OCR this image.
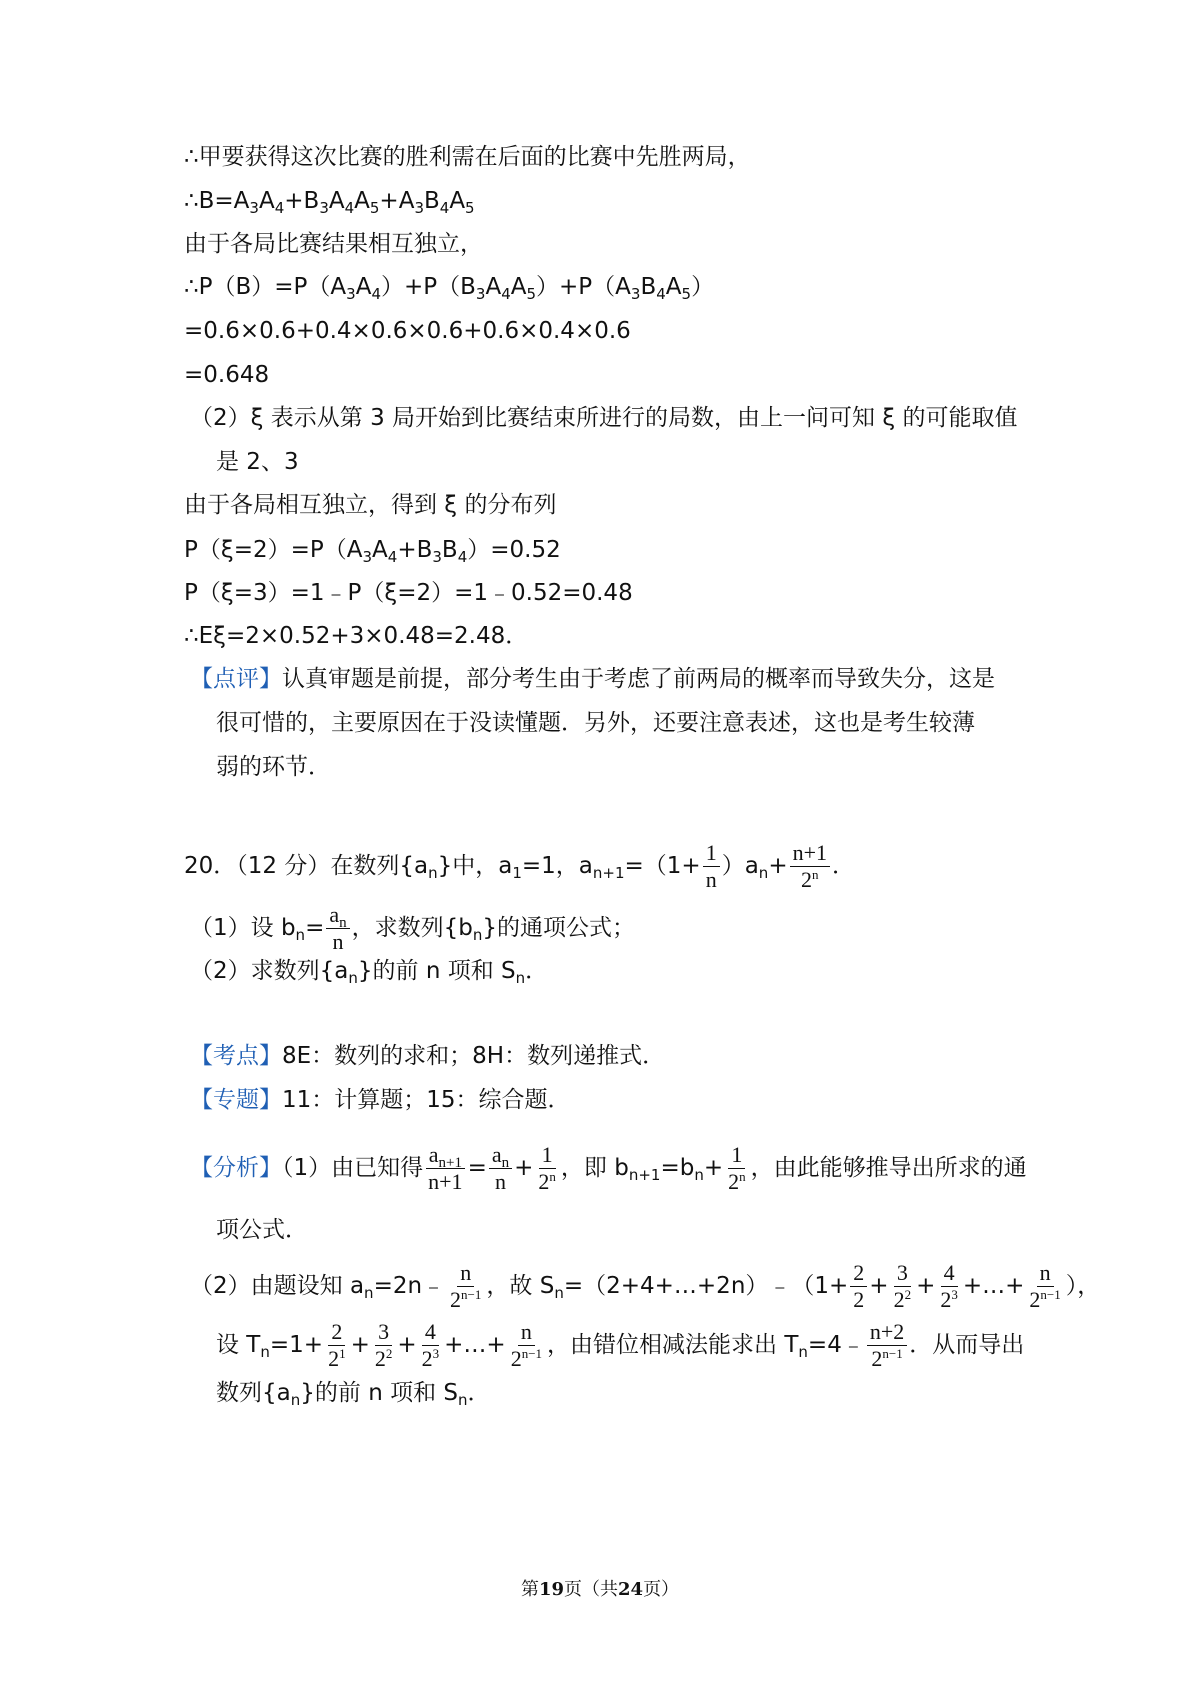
∴甲要获得这次比赛的胜利需在后面的比赛中先胜两局，
$\therefore B=A_3A_4+B_3A_4A_5+A_3B_4A_5$
由于各局比赛结果相互独立，
$\therefore P(B)=P(A_3A_4)+P(B_3A_4A_5)+P(A_3B_4A_5)$
=0.6×0.6+0.4×0.6×0.6+0.6×0.4×0.6
=0.648
（2）ξ 表示从第 3 局开始到比赛结束所进行的局数，由上一问可知 ξ 的可能取值
是 2、3
由于各局相互独立，得到 ξ 的分布列
$P(\xi=2)=P(A_3A_4+B_3B_4)=0.52$
P（ξ=3）=1﹣P（ξ=2）=1﹣0.52=0.48
∴Eξ=2×0.52+3×0.48=2.48．
【点评】认真审题是前提，部分考生由于考虑了前两局的概率而导致失分，这是
很可惜的，主要原因在于没读懂题．另外，还要注意表述，这也是考生较薄
弱的环节．
20．（12 分）在数列$\{a_n\}$中，$a_1=1$，$a_{n+1}=(1+ \frac{1}{n} )a_n+ \frac{n+1}{2^n}$ ．
（1）设 $b_n= \frac{a_n}{n}$ ，求数列$\{b_n\}$的通项公式；
（2）求数列$\{a_n\}$的前 n 项和 $S_n$．
【考点】8E：数列的求和；8H：数列递推式．
【专题】11：计算题；15：综合题．
【分析】（1）由已知得 $\frac{a_{n+1}}{n+1} = \frac{a_n}{n} + \frac{1}{2^n}$ ，即 $b_{n+1}=b_n+ \frac{1}{2^n}$ ，由此能够推导出所求的通
项公式．
（2）由题设知 $a_n=2n﹣ \frac{n}{2^{n-1}}$ ，故 $S_n=(2+4+\dots+2n)﹣(1+ \frac{2}{2} + \frac{3}{2^2} + \frac{4}{2^3}$ +…+ $\frac{n}{2^{n-1}}$ ），
设 $T_n=1+ \frac{2}{2^1} + \frac{3}{2^2} + \frac{4}{2^3}$ +…+ $\frac{n}{2^{n-1}}$ ，由错位相减法能求出 $T_n=4﹣ \frac{n+2}{2^{n-1}}$ ．从而导出
数列$\{a_n\}$的前 n 项和 $S_n$．
第19页（共24页）
